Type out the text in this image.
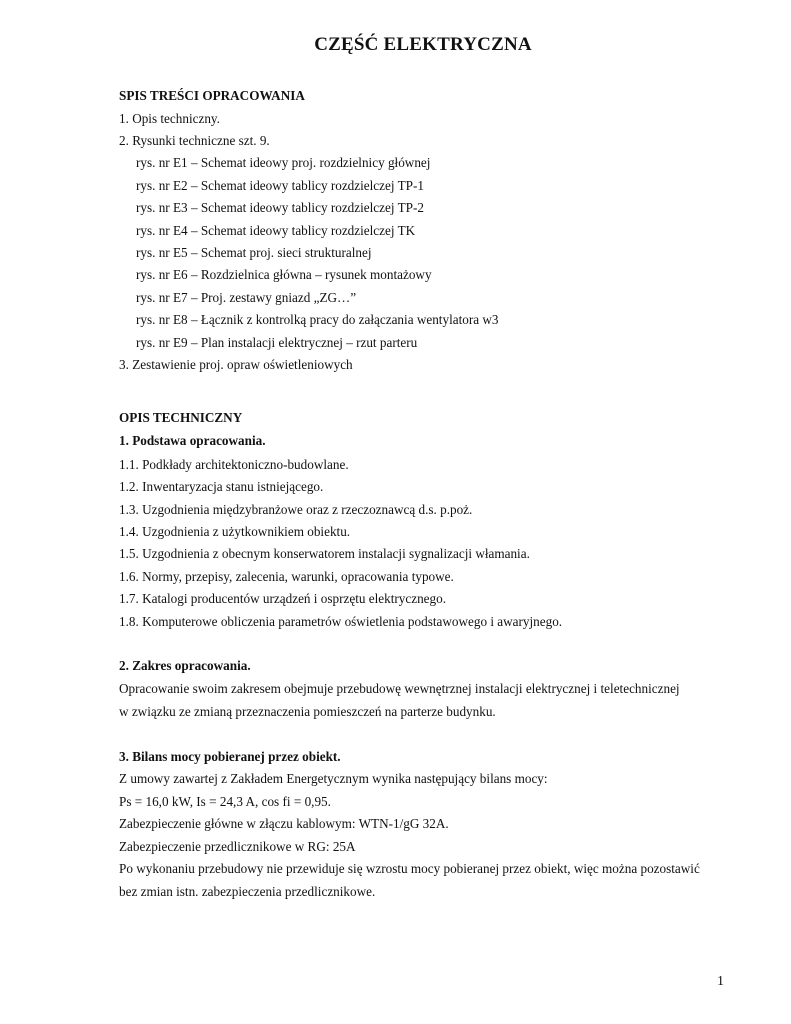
CZĘŚĆ ELEKTRYCZNA

SPIS TREŚCI OPRACOWANIA

1. Opis techniczny.

2. Rysunki techniczne szt. 9.

rys. nr E1 – Schemat ideowy proj. rozdzielnicy głównej

rys. nr E2 – Schemat ideowy tablicy rozdzielczej TP-1

rys. nr E3 – Schemat ideowy tablicy rozdzielczej TP-2

rys. nr E4 – Schemat ideowy tablicy rozdzielczej TK

rys. nr E5 – Schemat proj. sieci strukturalnej

rys. nr E6 – Rozdzielnica główna – rysunek montażowy

rys. nr E7 – Proj. zestawy gniazd „ZG…”

rys. nr E8 – Łącznik z kontrolką pracy do załączania wentylatora w3

rys. nr E9 – Plan instalacji elektrycznej – rzut parteru

3. Zestawienie proj. opraw oświetleniowych

OPIS TECHNICZNY

1. Podstawa opracowania.

1.1. Podkłady architektoniczno-budowlane.

1.2. Inwentaryzacja stanu istniejącego.

1.3. Uzgodnienia międzybranżowe oraz z rzeczoznawcą d.s. p.poż.

1.4. Uzgodnienia z użytkownikiem obiektu.

1.5. Uzgodnienia z obecnym konserwatorem instalacji sygnalizacji włamania.

1.6. Normy, przepisy, zalecenia, warunki, opracowania typowe.

1.7. Katalogi producentów urządzeń i osprzętu elektrycznego.

1.8. Komputerowe obliczenia parametrów oświetlenia podstawowego i awaryjnego.

2. Zakres opracowania.

Opracowanie swoim zakresem obejmuje przebudowę wewnętrznej instalacji elektrycznej i teletechnicznej

w związku ze zmianą przeznaczenia pomieszczeń na parterze budynku.

3. Bilans mocy pobieranej przez obiekt.

Z umowy zawartej z Zakładem Energetycznym wynika następujący bilans mocy:

Ps = 16,0 kW, Is = 24,3 A, cos fi = 0,95.

Zabezpieczenie główne w złączu kablowym: WTN-1/gG 32A.

Zabezpieczenie przedlicznikowe w RG: 25A

Po wykonaniu przebudowy nie przewiduje się wzrostu mocy pobieranej przez obiekt, więc można pozostawić

bez zmian istn. zabezpieczenia przedlicznikowe.

1
